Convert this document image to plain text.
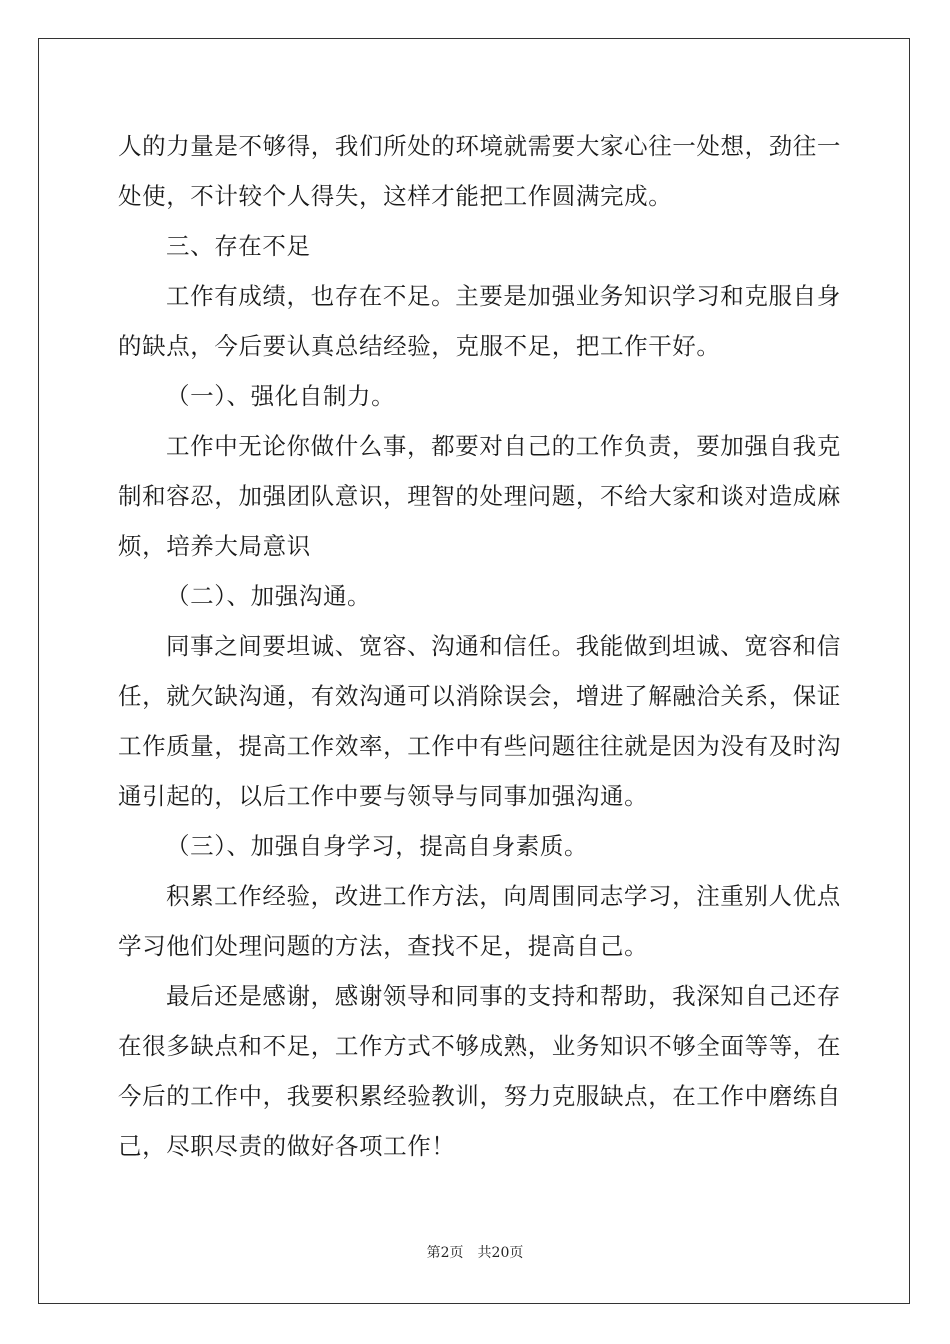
人的力量是不够得，我们所处的环境就需要大家心往一处想，劲往一

处使，不计较个人得失，这样才能把工作圆满完成。

三、存在不足

工作有成绩，也存在不足。主要是加强业务知识学习和克服自身

的缺点，今后要认真总结经验，克服不足，把工作干好。

（一）、强化自制力。

工作中无论你做什么事，都要对自己的工作负责，要加强自我克

制和容忍，加强团队意识，理智的处理问题，不给大家和谈对造成麻

烦，培养大局意识

（二）、加强沟通。

同事之间要坦诚、宽容、沟通和信任。我能做到坦诚、宽容和信

任，就欠缺沟通，有效沟通可以消除误会，增进了解融洽关系，保证

工作质量，提高工作效率，工作中有些问题往往就是因为没有及时沟

通引起的，以后工作中要与领导与同事加强沟通。

（三）、加强自身学习，提高自身素质。

积累工作经验，改进工作方法，向周围同志学习，注重别人优点

学习他们处理问题的方法，查找不足，提高自己。

最后还是感谢，感谢领导和同事的支持和帮助，我深知自己还存

在很多缺点和不足，工作方式不够成熟，业务知识不够全面等等，在

今后的工作中，我要积累经验教训，努力克服缺点，在工作中磨练自

己，尽职尽责的做好各项工作！

第2页 共20页
